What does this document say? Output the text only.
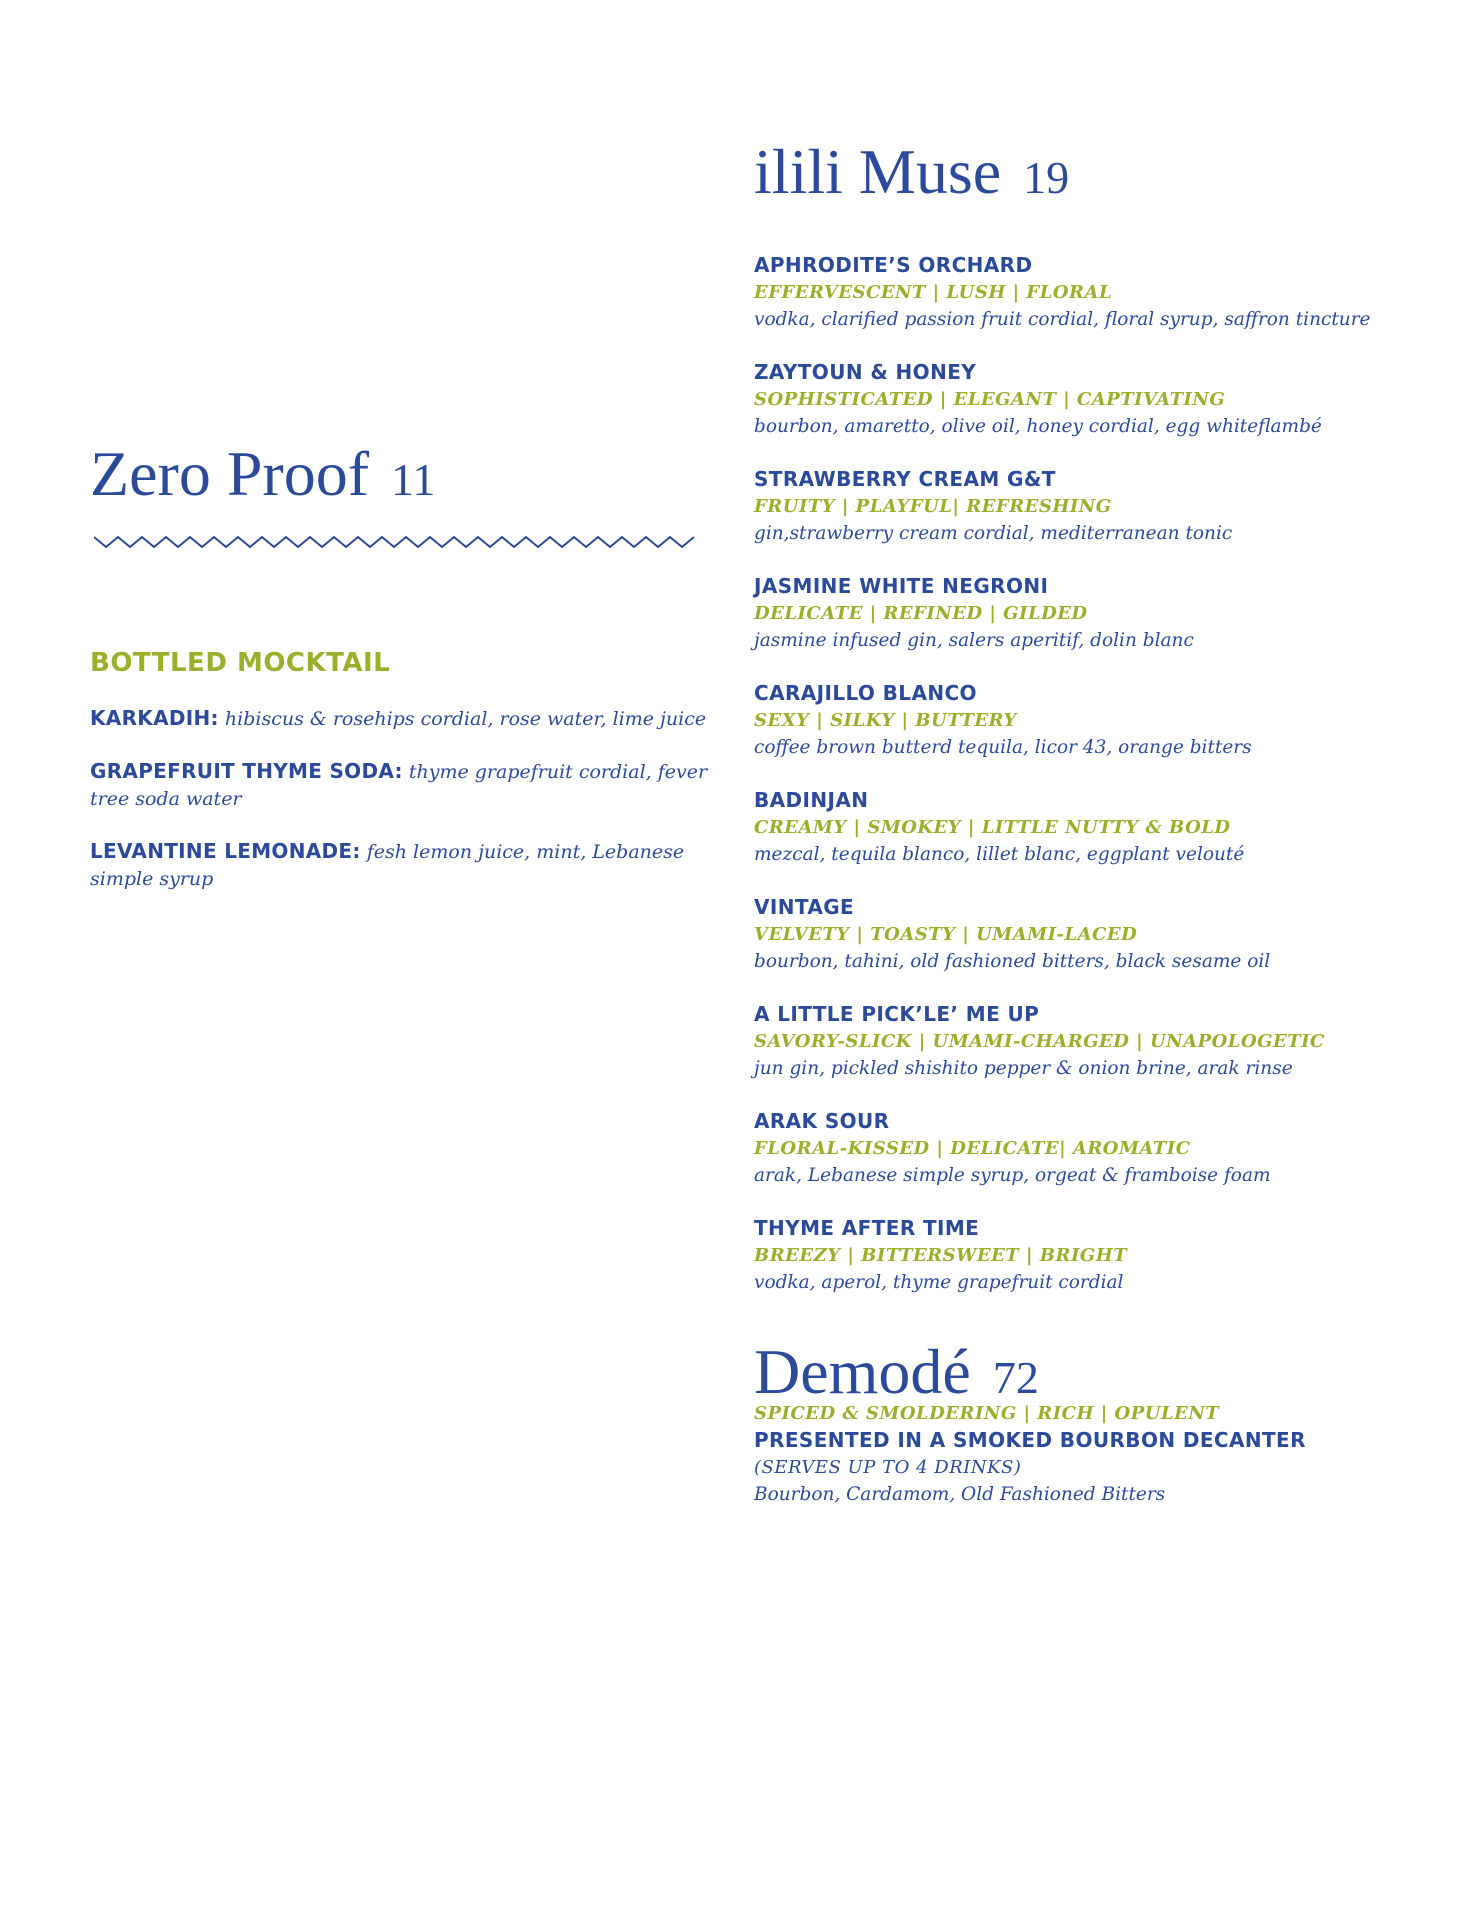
Zero Proof 11
BOTTLED MOCKTAIL
KARKADIH: hibiscus & rosehips cordial, rose water, lime juice
GRAPEFRUIT THYME SODA: thyme grapefruit cordial, fever tree soda water
LEVANTINE LEMONADE: fesh lemon juice, mint, Lebanese simple syrup
ilili Muse 19
APHRODITE’S ORCHARD
EFFERVESCENT | LUSH | FLORAL
vodka, clarified passion fruit cordial, floral syrup, saffron tincture
ZAYTOUN & HONEY
SOPHISTICATED | ELEGANT | CAPTIVATING
bourbon, amaretto, olive oil, honey cordial, egg whiteflambé
STRAWBERRY CREAM G&T
FRUITY | PLAYFUL| REFRESHING
gin,strawberry cream cordial, mediterranean tonic
JASMINE WHITE NEGRONI
DELICATE | REFINED | GILDED
jasmine infused gin, salers aperitif, dolin blanc
CARAJILLO BLANCO
SEXY | SILKY | BUTTERY
coffee brown butterd tequila, licor 43, orange bitters
BADINJAN
CREAMY | SMOKEY | LITTLE NUTTY & BOLD
mezcal, tequila blanco, lillet blanc, eggplant velouté
VINTAGE
VELVETY | TOASTY | UMAMI-LACED
bourbon, tahini, old fashioned bitters, black sesame oil
A LITTLE PICK’LE’ ME UP
SAVORY-SLICK | UMAMI-CHARGED | UNAPOLOGETIC
jun gin, pickled shishito pepper & onion brine, arak rinse
ARAK SOUR
FLORAL-KISSED | DELICATE| AROMATIC
arak, Lebanese simple syrup, orgeat & framboise foam
THYME AFTER TIME
BREEZY | BITTERSWEET | BRIGHT
vodka, aperol, thyme grapefruit cordial
Demodé 72
SPICED & SMOLDERING | RICH | OPULENT
PRESENTED IN A SMOKED BOURBON DECANTER
(SERVES UP TO 4 DRINKS)
Bourbon, Cardamom, Old Fashioned Bitters
